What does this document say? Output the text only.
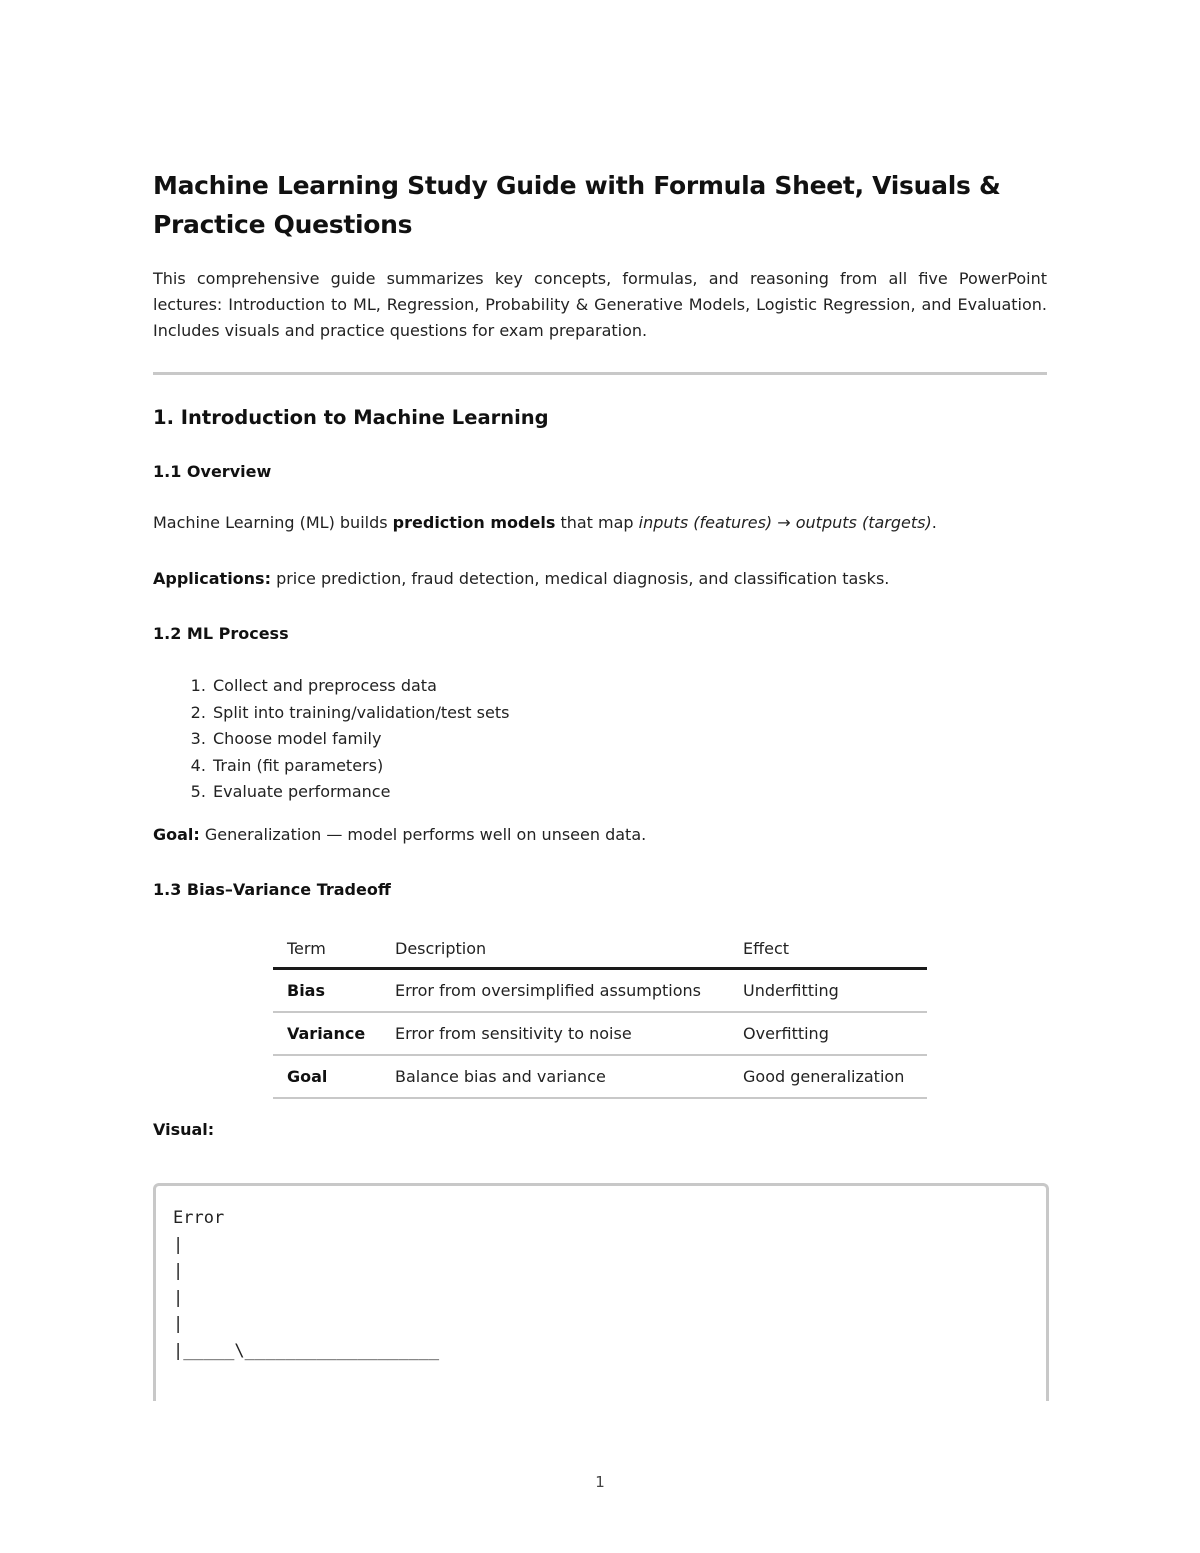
Machine Learning Study Guide with Formula Sheet, Visuals & Practice Questions

This comprehensive guide summarizes key concepts, formulas, and reasoning from all five PowerPoint lectures: Introduction to ML, Regression, Probability & Generative Models, Logistic Regression, and Evaluation. Includes visuals and practice questions for exam preparation.

1. Introduction to Machine Learning
1.1 Overview

Machine Learning (ML) builds prediction models that map inputs (features) → outputs (targets).

Applications: price prediction, fraud detection, medical diagnosis, and classification tasks.

1.2 ML Process
1. Collect and preprocess data
2. Split into training/validation/test sets
3. Choose model family
4. Train (fit parameters)
5. Evaluate performance

Goal: Generalization — model performs well on unseen data.

1.3 Bias–Variance Tradeoff
Term	Description	Effect
Bias	Error from oversimplified assumptions	Underfitting
Variance	Error from sensitivity to noise	Overfitting
Goal	Balance bias and variance	Good generalization
Visual:
Error
|
|
|
|
|_____\___________________
1
